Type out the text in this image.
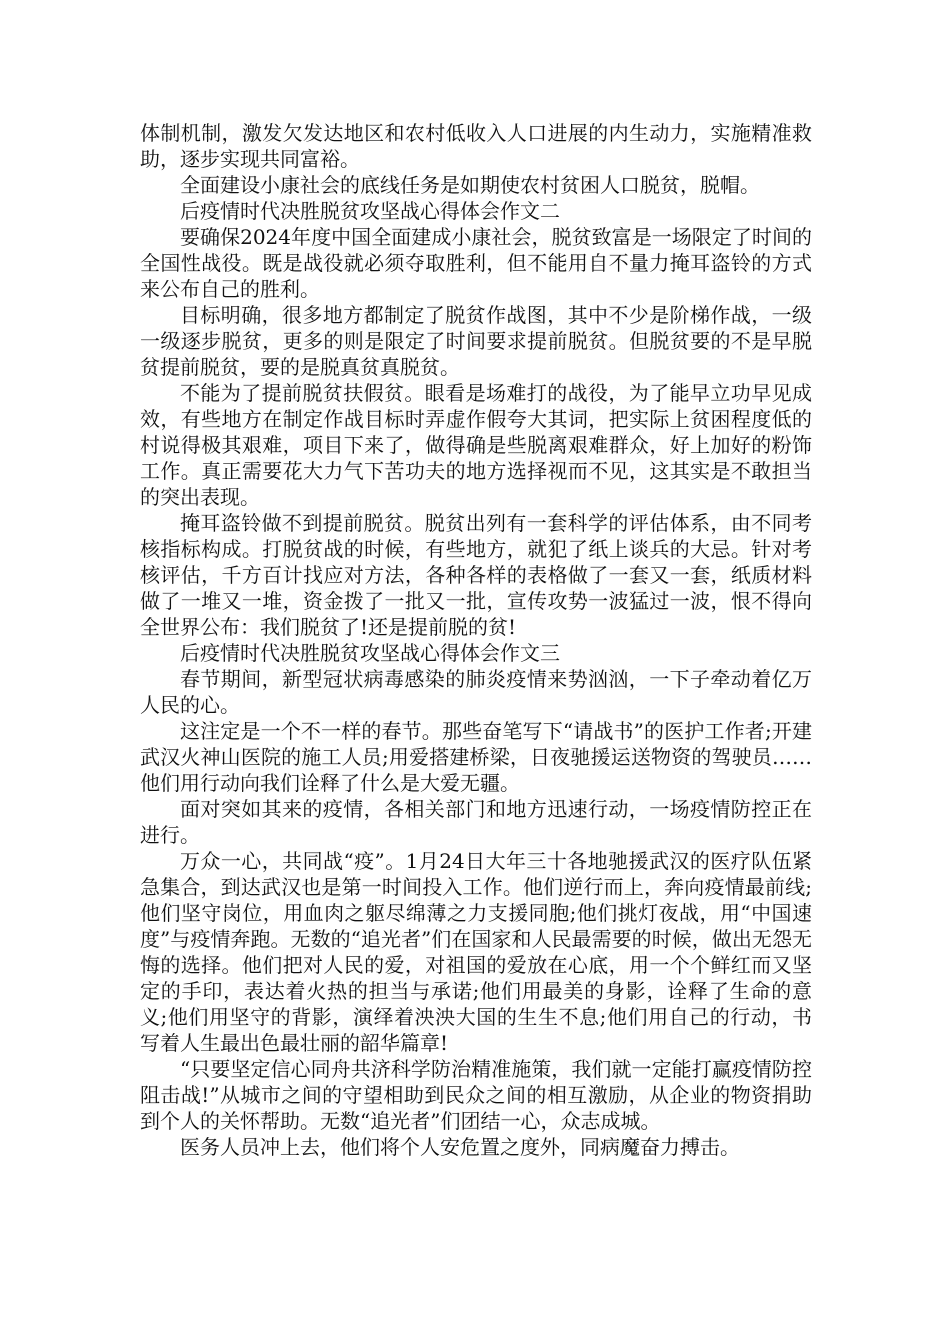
体制机制，激发欠发达地区和农村低收入人口进展的内生动力，实施精准救助，逐步实现共同富裕。

全面建设小康社会的底线任务是如期使农村贫困人口脱贫，脱帽。

后疫情时代决胜脱贫攻坚战心得体会作文二

要确保2024年度中国全面建成小康社会，脱贫致富是一场限定了时间的全国性战役。既是战役就必须夺取胜利，但不能用自不量力掩耳盗铃的方式来公布自己的胜利。

目标明确，很多地方都制定了脱贫作战图，其中不少是阶梯作战，一级一级逐步脱贫，更多的则是限定了时间要求提前脱贫。但脱贫要的不是早脱贫提前脱贫，要的是脱真贫真脱贫。

不能为了提前脱贫扶假贫。眼看是场难打的战役，为了能早立功早见成效，有些地方在制定作战目标时弄虚作假夸大其词，把实际上贫困程度低的村说得极其艰难，项目下来了，做得确是些脱离艰难群众，好上加好的粉饰工作。真正需要花大力气下苦功夫的地方选择视而不见，这其实是不敢担当的突出表现。

掩耳盗铃做不到提前脱贫。脱贫出列有一套科学的评估体系，由不同考核指标构成。打脱贫战的时候，有些地方，就犯了纸上谈兵的大忌。针对考核评估，千方百计找应对方法，各种各样的表格做了一套又一套，纸质材料做了一堆又一堆，资金拨了一批又一批，宣传攻势一波猛过一波，恨不得向全世界公布：我们脱贫了!还是提前脱的贫!

后疫情时代决胜脱贫攻坚战心得体会作文三

春节期间，新型冠状病毒感染的肺炎疫情来势汹汹，一下子牵动着亿万人民的心。

这注定是一个不一样的春节。那些奋笔写下“请战书”的医护工作者;开建武汉火神山医院的施工人员;用爱搭建桥梁，日夜驰援运送物资的驾驶员……他们用行动向我们诠释了什么是大爱无疆。

面对突如其来的疫情，各相关部门和地方迅速行动，一场疫情防控正在进行。

万众一心，共同战“疫”。1月24日大年三十各地驰援武汉的医疗队伍紧急集合，到达武汉也是第一时间投入工作。他们逆行而上，奔向疫情最前线;他们坚守岗位，用血肉之躯尽绵薄之力支援同胞;他们挑灯夜战，用“中国速度”与疫情奔跑。无数的“追光者”们在国家和人民最需要的时候，做出无怨无悔的选择。他们把对人民的爱，对祖国的爱放在心底，用一个个鲜红而又坚定的手印，表达着火热的担当与承诺;他们用最美的身影，诠释了生命的意义;他们用坚守的背影，演绎着泱泱大国的生生不息;他们用自己的行动，书写着人生最出色最壮丽的韶华篇章!

“只要坚定信心同舟共济科学防治精准施策，我们就一定能打赢疫情防控阻击战!”从城市之间的守望相助到民众之间的相互激励，从企业的物资捐助到个人的关怀帮助。无数“追光者”们团结一心，众志成城。

医务人员冲上去，他们将个人安危置之度外，同病魔奋力搏击。
